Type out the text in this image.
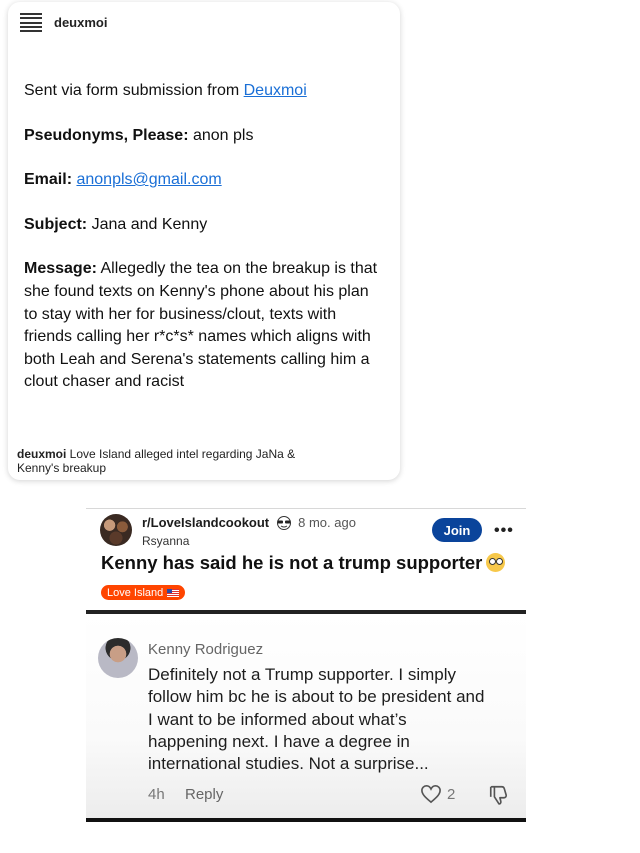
deuxmoi

Sent via form submission from Deuxmoi

Pseudonyms, Please: anon pls

Email: anonpls@gmail.com

Subject: Jana and Kenny

Message: Allegedly the tea on the breakup is that
she found texts on Kenny's phone about his plan
to stay with her for business/clout, texts with
friends calling her r*c*s* names which aligns with
both Leah and Serena's statements calling him a
clout chaser and racist

deuxmoi Love Island alleged intel regarding JaNa & Kenny's breakup
r/LoveIslandcookout 8 mo. ago
Rsyanna
Join	•••
Kenny has said he is not a trump supporter
Love Island
Kenny Rodriguez
Definitely not a Trump supporter. I simply
follow him bc he is about to be president and
I want to be informed about what’s
happening next. I have a degree in
international studies. Not a surprise...
4h Reply	2
